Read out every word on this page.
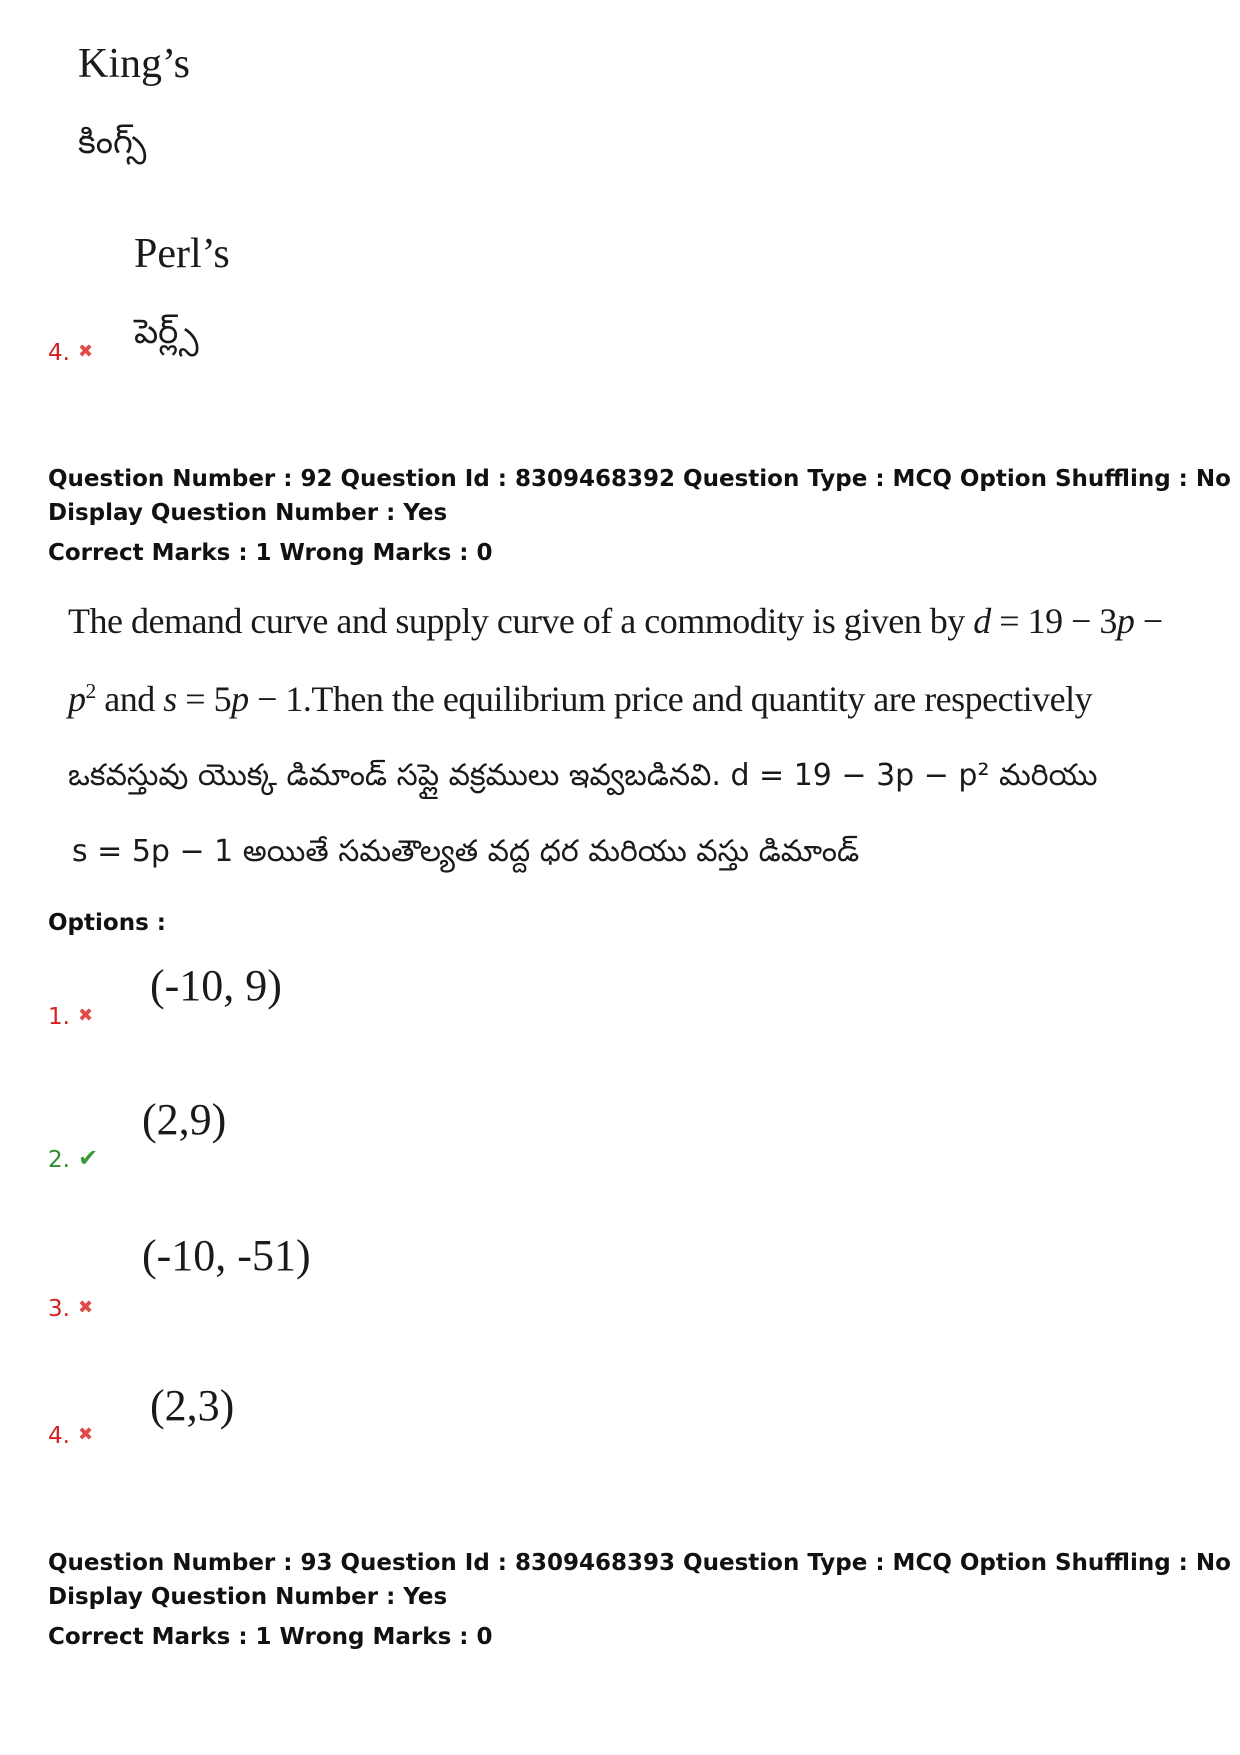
King’s
కింగ్స్
Perl’s
పెర్ల్స్
4. ✖
Question Number : 92 Question Id : 8309468392 Question Type : MCQ Option Shuffling : No
Display Question Number : Yes
Correct Marks : 1 Wrong Marks : 0
The demand curve and supply curve of a commodity is given by d = 19 − 3p −
$p^2$ and s = 5p − 1.Then the equilibrium price and quantity are respectively
ఒకవస్తువు యొక్క డిమాండ్ సప్లై వక్రములు ఇవ్వబడినవి. d = 19 − 3p − p² మరియు
s = 5p − 1 అయితే సమతౌల్యత వద్ద ధర మరియు వస్తు డిమాండ్
Options :
(-10, 9)
1. ✖
(2,9)
2. ✔
(-10, -51)
3. ✖
(2,3)
4. ✖
Question Number : 93 Question Id : 8309468393 Question Type : MCQ Option Shuffling : No
Display Question Number : Yes
Correct Marks : 1 Wrong Marks : 0
